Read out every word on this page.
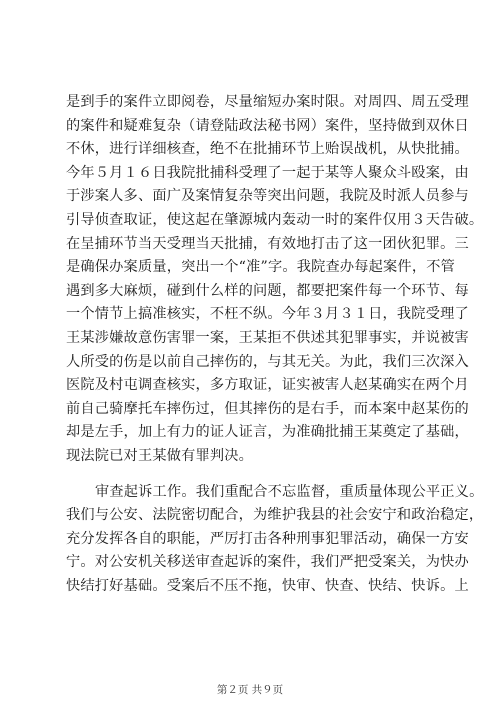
是到手的案件立即阅卷，尽量缩短办案时限。对周四、周五受理
的案件和疑难复杂（请登陆政法秘书网）案件，坚持做到双休日
不休，进行详细核查，绝不在批捕环节上贻误战机，从快批捕。
今年５月１６日我院批捕科受理了一起于某等人聚众斗殴案，由
于涉案人多、面广及案情复杂等突出问题，我院及时派人员参与
引导侦查取证，使这起在肇源城内轰动一时的案件仅用３天告破。
在呈捕环节当天受理当天批捕，有效地打击了这一团伙犯罪。三
是确保办案质量，突出一个“准”字。我院查办每起案件，不管
遇到多大麻烦，碰到什么样的问题，都要把案件每一个环节、每
一个情节上搞准核实，不枉不纵。今年３月３１日，我院受理了
王某涉嫌故意伤害罪一案，王某拒不供述其犯罪事实，并说被害
人所受的伤是以前自己摔伤的，与其无关。为此，我们三次深入
医院及村屯调查核实，多方取证，证实被害人赵某确实在两个月
前自己骑摩托车摔伤过，但其摔伤的是右手，而本案中赵某伤的
却是左手，加上有力的证人证言，为准确批捕王某奠定了基础，
现法院已对王某做有罪判决。
审查起诉工作。我们重配合不忘监督，重质量体现公平正义。
我们与公安、法院密切配合，为维护我县的社会安宁和政治稳定，
充分发挥各自的职能，严厉打击各种刑事犯罪活动，确保一方安
宁。对公安机关移送审查起诉的案件，我们严把受案关，为快办
快结打好基础。受案后不压不拖，快审、快查、快结、快诉。上
第２页 共９页
